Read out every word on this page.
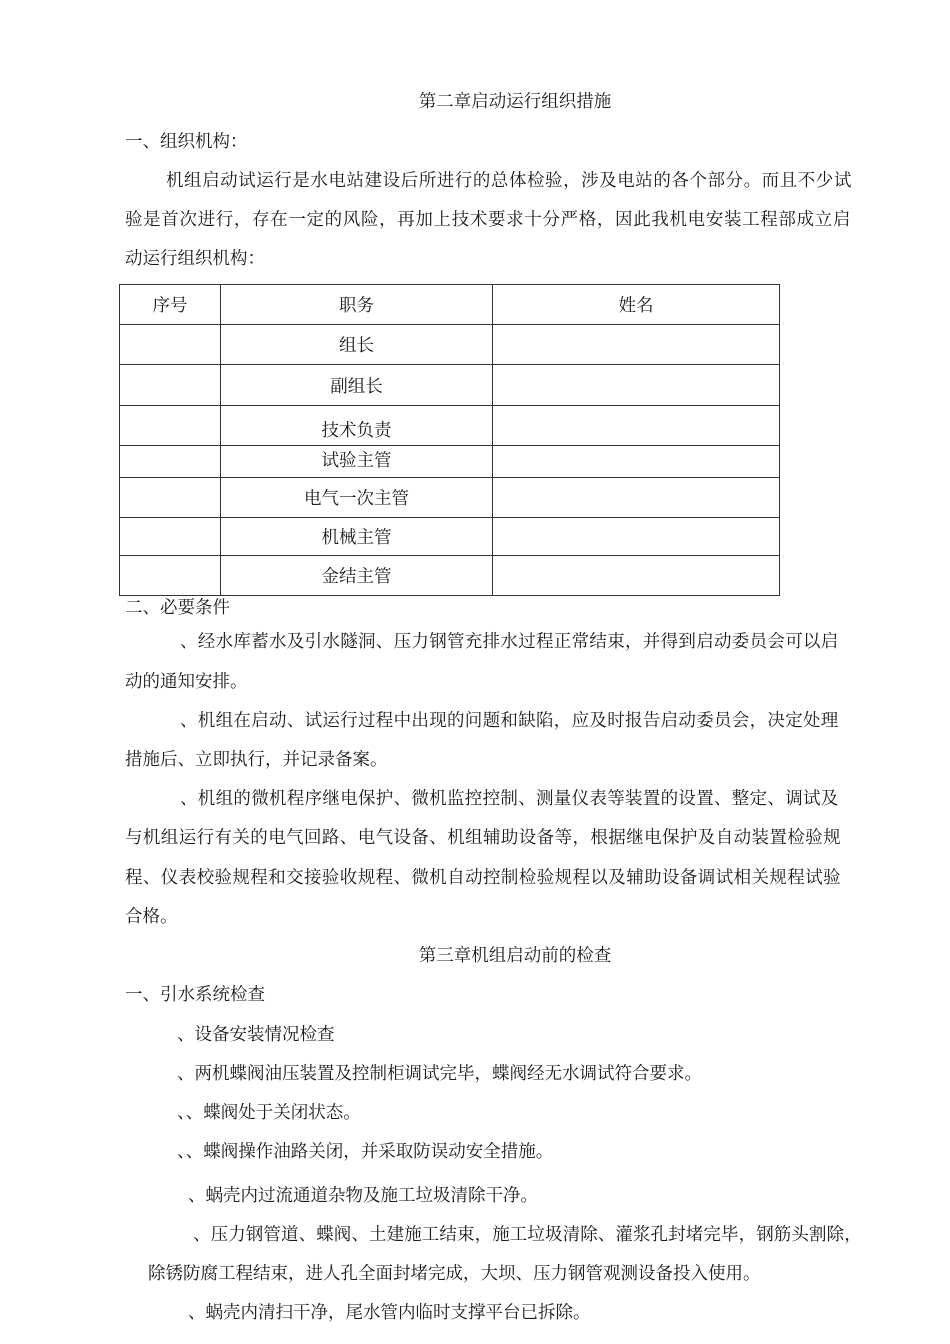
第二章启动运行组织措施
一、组织机构：
机组启动试运行是水电站建设后所进行的总体检验，涉及电站的各个部分。而且不少试
验是首次进行，存在一定的风险，再加上技术要求十分严格，因此我机电安装工程部成立启
动运行组织机构：
序号	职务	姓名
	组长	
	副组长	
	技术负责	
	试验主管	
	电气一次主管	
	机械主管	
	金结主管	
二、必要条件
、经水库蓄水及引水隧洞、压力钢管充排水过程正常结束，并得到启动委员会可以启
动的通知安排。
、机组在启动、试运行过程中出现的问题和缺陷，应及时报告启动委员会，决定处理
措施后、立即执行，并记录备案。
、机组的微机程序继电保护、微机监控控制、测量仪表等装置的设置、整定、调试及
与机组运行有关的电气回路、电气设备、机组辅助设备等，根据继电保护及自动装置检验规
程、仪表校验规程和交接验收规程、微机自动控制检验规程以及辅助设备调试相关规程试验
合格。
第三章机组启动前的检查
一、引水系统检查
、设备安装情况检查
、两机蝶阀油压装置及控制柜调试完毕，蝶阀经无水调试符合要求。
、、蝶阀处于关闭状态。
、、蝶阀操作油路关闭，并采取防误动安全措施。
、蜗壳内过流通道杂物及施工垃圾清除干净。
、压力钢管道、蝶阀、土建施工结束，施工垃圾清除、灌浆孔封堵完毕，钢筋头割除，
除锈防腐工程结束，进人孔全面封堵完成，大坝、压力钢管观测设备投入使用。
、蜗壳内清扫干净，尾水管内临时支撑平台已拆除。
